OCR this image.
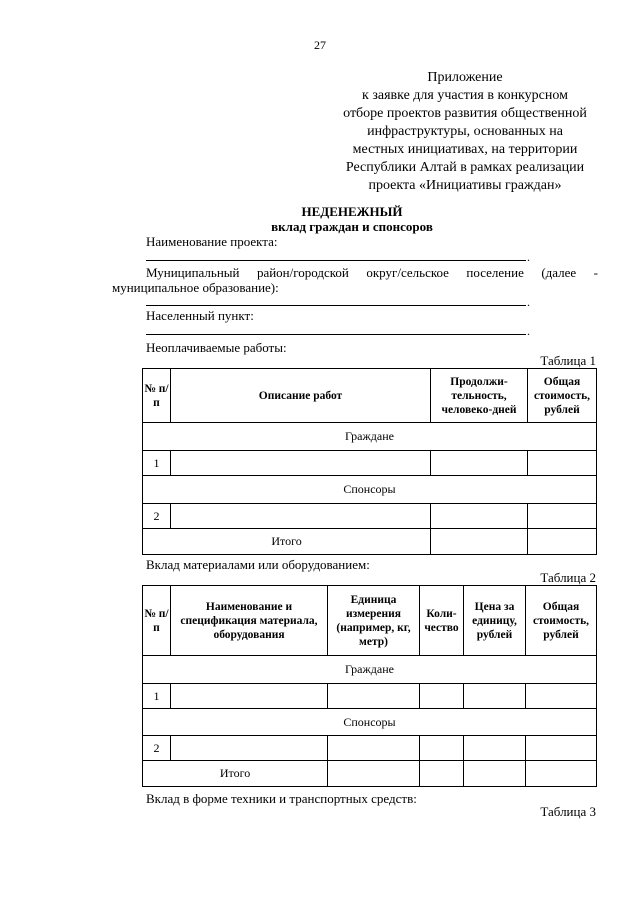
27
Приложение
к заявке для участия в конкурсном
отборе проектов развития общественной
инфраструктуры, основанных на
местных инициативах, на территории
Республики Алтай в рамках реализации
проекта «Инициативы граждан»
НЕДЕНЕЖНЫЙ
вклад граждан и спонсоров
Наименование проекта:
.
Муниципальный район/городской округ/сельское поселение (далее -
муниципальное образование):
.
Населенный пункт:
.
Неоплачиваемые работы:
Таблица 1
№ п/п	Описание работ	Продолжи-тельность, человеко-дней	Общая стоимость, рублей
Граждане			
1			
Спонсоры			
2			
Итого			
Вклад материалами или оборудованием:
Таблица 2
№ п/п	Наименование и спецификация материала, оборудования	Единица измерения (например, кг, метр)	Коли-чество	Цена за единицу, рублей	Общая стоимость, рублей
Граждане					
1					
Спонсоры					
2					
Итого					
Вклад в форме техники и транспортных средств:
Таблица 3
